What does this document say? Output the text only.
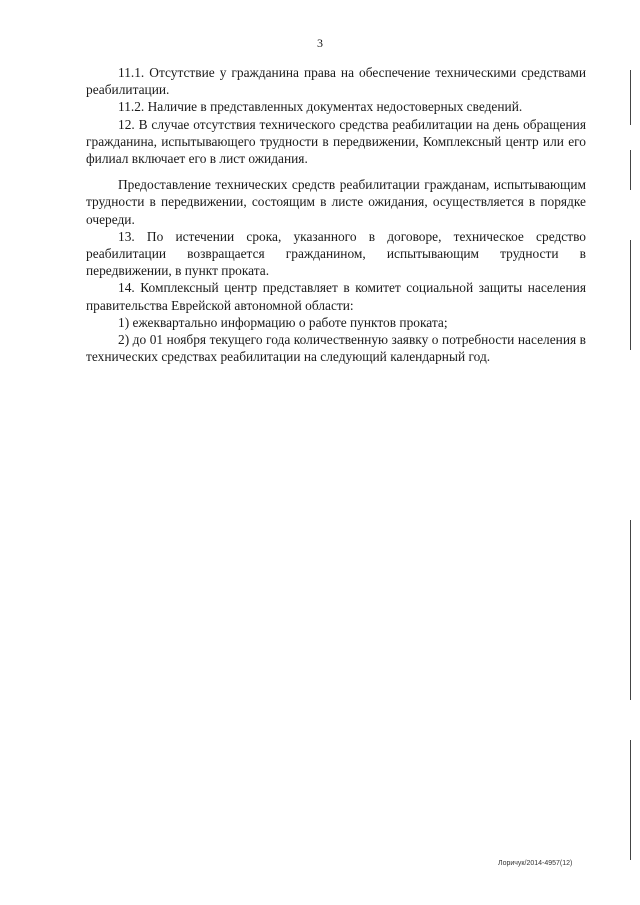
3

11.1. Отсутствие у гражданина права на обеспечение техническими средствами реабилитации.

11.2. Наличие в представленных документах недостоверных сведений.

12. В случае отсутствия технического средства реабилитации на день обращения гражданина, испытывающего трудности в передвижении, Комплексный центр или его филиал включает его в лист ожидания.

Предоставление технических средств реабилитации гражданам, испытывающим трудности в передвижении, состоящим в листе ожидания, осуществляется в порядке очереди.

13. По истечении срока, указанного в договоре, техническое средство реабилитации возвращается гражданином, испытывающим трудности в передвижении, в пункт проката.

14. Комплексный центр представляет в комитет социальной защиты населения правительства Еврейской автономной области:

1) ежеквартально информацию о работе пунктов проката;

2) до 01 ноября текущего года количественную заявку о потребности населения в технических средствах реабилитации на следующий календарный год.

Лоричук/2014-4957(12)
